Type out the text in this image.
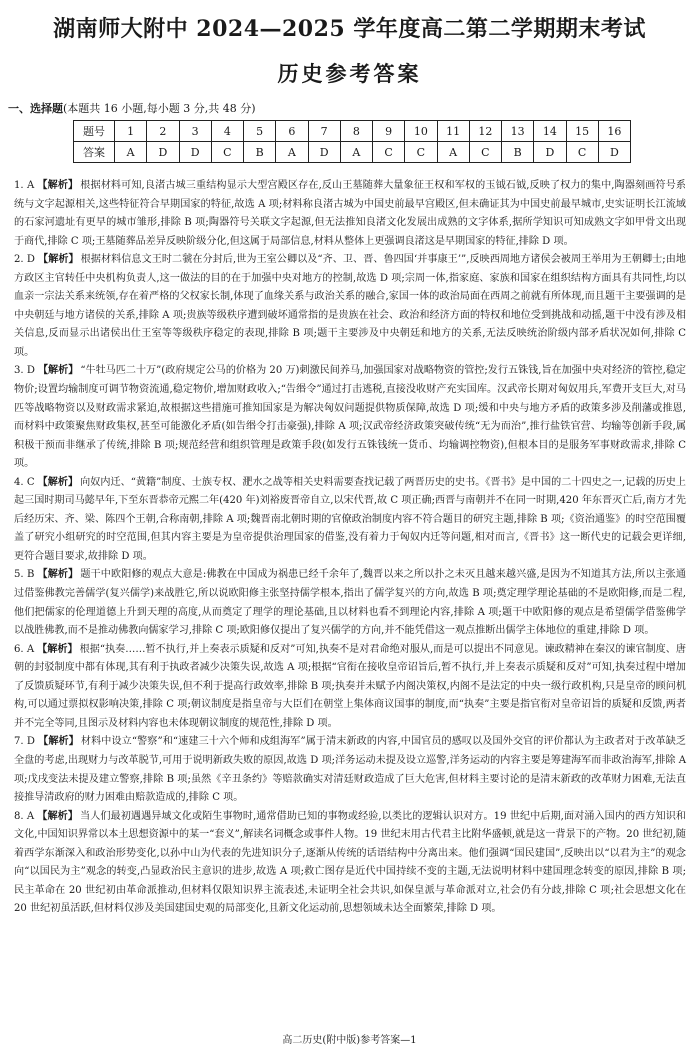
湖南师大附中 2024—2025 学年度高二第二学期期末考试
历史参考答案
一、选择题(本题共 16 小题,每小题 3 分,共 48 分)
题号	1	2	3	4	5	6	7	8	9	10	11	12	13	14	15	16
答案	A	D	D	C	B	A	D	A	C	C	A	C	B	D	C	D

1. A 【解析】 根据材料可知,良渚古城三重结构显示大型宫殿区存在,反山王墓随葬大量象征王权和军权的玉钺石钺,反映了权力的集中,陶器刻画符号系统与文字起源相关,这些特征符合早期国家的特征,故选 A 项;材料称良渚古城为中国史前最早宫殿区,但未确证其为中国史前最早城市,史实证明长江流域的石家河遗址有更早的城市雏形,排除 B 项;陶器符号关联文字起源,但无法推知良渚文化发展出成熟的文字体系,据所学知识可知成熟文字如甲骨文出现于商代,排除 C 项;王墓随葬品差异反映阶级分化,但这属于局部信息,材料从整体上更强调良渚这是早期国家的特征,排除 D 项。

2. D 【解析】 根据材料信息文王时二虢在分封后,世为王室公卿以及“齐、卫、晋、鲁四国‘并事康王’”,反映西周地方诸侯会被周王举用为王朝卿士;由地方政区主官转任中央机构负责人,这一做法的目的在于加强中央对地方的控制,故选 D 项;宗周一体,指家庭、家族和国家在组织结构方面具有共同性,均以血亲一宗法关系来统领,存在着严格的父权家长制,体现了血缘关系与政治关系的融合,家国一体的政治局面在西周之前就有所体现,而且题干主要强调的是中央朝廷与地方诸侯的关系,排除 A 项;贵族等级秩序遭到破坏通常指的是贵族在社会、政治和经济方面的特权和地位受到挑战和动摇,题干中没有涉及相关信息,反而显示出诸侯出仕王室等等级秩序稳定的表现,排除 B 项;题干主要涉及中央朝廷和地方的关系,无法反映统治阶级内部矛盾状况如何,排除 C 项。

3. D 【解析】 “牛牡马匹二十万”(政府规定公马的价格为 20 万)刺激民间养马,加强国家对战略物资的管控;发行五铢钱,旨在加强中央对经济的管控,稳定物价;设置均输制度可调节物资流通,稳定物价,增加财政收入;“告缗令”通过打击逃税,直接没收财产充实国库。汉武帝长期对匈奴用兵,军费开支巨大,对马匹等战略物资以及财政需求紧迫,故根据这些措施可推知国家是为解决匈奴问题提供物质保障,故选 D 项;缓和中央与地方矛盾的政策多涉及削藩或推恩,而材料中政策聚焦财政集权,甚至可能激化矛盾(如告缗令打击豪强),排除 A 项;汉武帝经济政策突破传统“无为而治”,推行盐铁官营、均输等创新手段,属积极干预而非继承了传统,排除 B 项;规范经营和组织管理是政策手段(如发行五铢钱统一货币、均输调控物资),但根本目的是服务军事财政需求,排除 C 项。

4. C 【解析】 向奴内迁、“黄籍”制度、士族专权、淝水之战等相关史料需要查找记载了两晋历史的史书。《晋书》是中国的二十四史之一,记载的历史上起三国时期司马懿早年,下至东晋恭帝元熙二年(420 年)刘裕废晋帝自立,以宋代晋,故 C 项正确;西晋与南朝并不在同一时期,420 年东晋灭亡后,南方才先后经历宋、齐、梁、陈四个王朝,合称南朝,排除 A 项;魏晋南北朝时期的官僚政治制度内容不符合题目的研究主题,排除 B 项;《资治通鉴》的时空范围覆盖了研究小组研究的时空范围,但其内容主要是为皇帝提供治理国家的借鉴,没有着力于匈奴内迁等问题,相对而言,《晋书》这一断代史的记载会更详细,更符合题目要求,故排除 D 项。

5. B 【解析】 题干中欧阳修的观点大意是:佛教在中国成为祸患已经千余年了,魏晋以来之所以扑之未灭且越来越兴盛,是因为不知道其方法,所以主张通过借鉴佛教完善儒学(复兴儒学)来战胜它,所以说欧阳修主张坚持儒学根本,指出了儒学复兴的方向,故选 B 项;奠定理学理论基础的不是欧阳修,而是二程,他们把儒家的伦理道德上升到天理的高度,从而奠定了理学的理论基础,且以材料也看不到理论内容,排除 A 项;题干中欧阳修的观点是希望儒学借鉴佛学以战胜佛教,而不是推动佛教向儒家学习,排除 C 项;欧阳修仅提出了复兴儒学的方向,并不能凭借这一观点推断出儒学主体地位的重建,排除 D 项。

6. A 【解析】 根据“执奏……暂不执行,并上奏表示质疑和反对”可知,执奏不是对君命绝对服从,而是可以提出不同意见。谏政精神在秦汉的谏官制度、唐朝的封驳制度中都有体现,其有利于执政者减少决策失误,故选 A 项;根据“官衔在接收皇帝诏旨后,暂不执行,并上奏表示质疑和反对”可知,执奏过程中增加了反馈质疑环节,有利于减少决策失误,但不利于提高行政效率,排除 B 项;执奏并未赋予内阁决策权,内阁不是法定的中央一级行政机构,只是皇帝的顾问机构,可以通过票拟权影响决策,排除 C 项;朝议制度是指皇帝与大臣们在朝堂上集体商议国事的制度,而“执奏”主要是指官衔对皇帝诏旨的质疑和反馈,两者并不完全等同,且图示及材料内容也未体现朝议制度的规范性,排除 D 项。

7. D 【解析】 材料中设立“警察”和“速建三十六个师和戍组海军”属于清末新政的内容,中国官员的感叹以及国外交官的评价都认为主政者对于改革缺乏全盘的考虑,出现财力与改革脱节,可用于说明新政失败的原因,故选 D 项;洋务运动未提及设立巡警,洋务运动的内容主要是筹建海军而非政治海军,排除 A 项;戊戌变法未提及建立警察,排除 B 项;虽然《辛丑条约》等赔款确实对清廷财政造成了巨大危害,但材料主要讨论的是清末新政的改革财力困难,无法直接推导清政府的财力困难由赔款造成的,排除 C 项。

8. A 【解析】 当人们最初遇遇异域文化或陌生事物时,通常借助已知的事物或经验,以类比的逻辑认识对方。19 世纪中后期,面对涌入国内的西方知识和文化,中国知识界常以本土思想资源中的某一“套义”,解读名词概念或事件人物。19 世纪末用古代君主比附华盛顿,就是这一背景下的产物。20 世纪初,随着西学东渐深入和政治形势变化,以孙中山为代表的先进知识分子,逐渐从传统的话语结构中分离出来。他们强调“国民建国”,反映出以“以君为主”的观念向“以国民为主”观念的转变,凸显政治民主意识的进步,故选 A 项;救亡图存是近代中国持续不变的主题,无法说明材料中建国理念转变的原因,排除 B 项;民主革命在 20 世纪初由革命派推动,但材料仅限知识界主流表述,未证明全社会共识,如保皇派与革命派对立,社会仍有分歧,排除 C 项;社会思想文化在 20 世纪初虽活跃,但材料仅涉及美国建国史观的局部变化,且新文化运动前,思想领域未达全面繁荣,排除 D 项。

高二历史(附中版)参考答案—1
